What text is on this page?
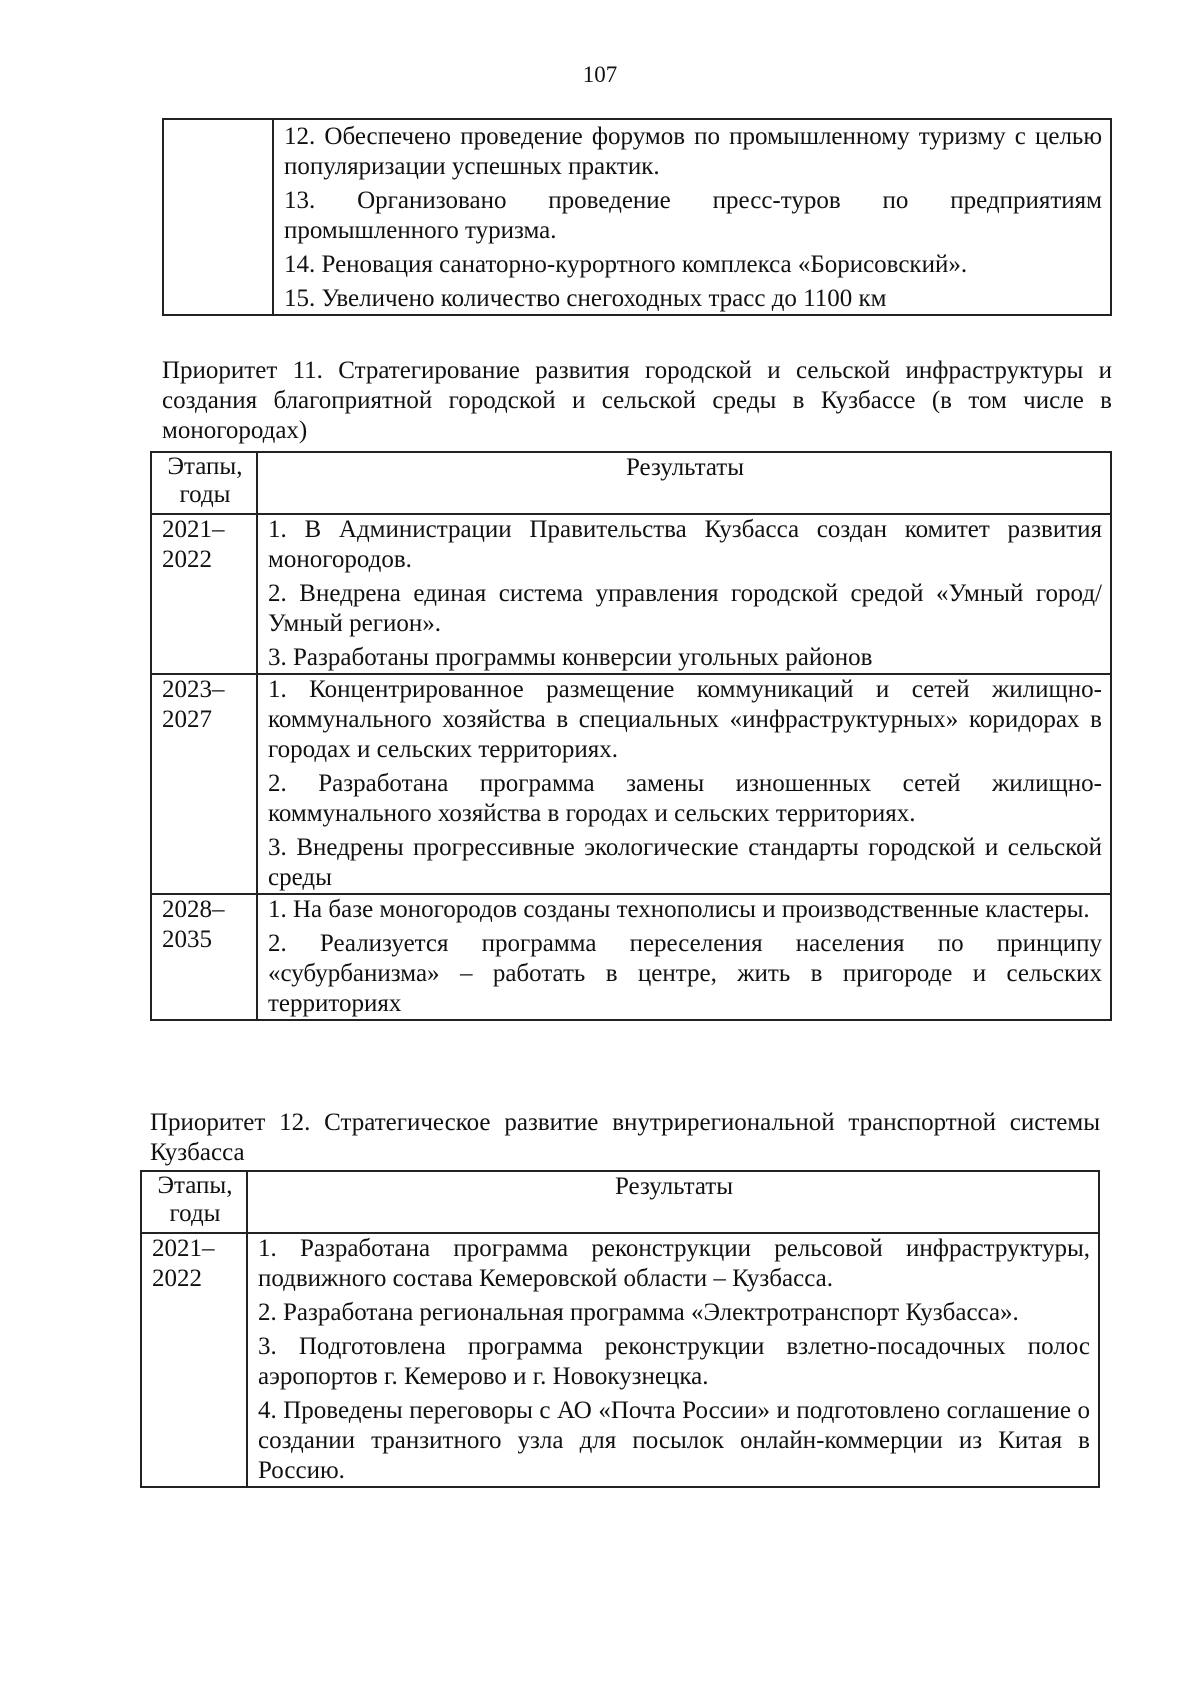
107

12. Обеспечено проведение форумов по промышленному туризму с целью популяризации успешных практик.
13. Организовано проведение пресс-туров по предприятиям промышленного туризма.
14. Реновация санаторно-курортного комплекса «Борисовский».
15. Увеличено количество снегоходных трасс до 1100 км

Приоритет 11. Стратегирование развития городской и сельской инфраструктуры и создания благоприятной городской и сельской среды в Кузбассе (в том числе в моногородах)

Этапы, годы	Результаты
2021–2022	1. В Администрации Правительства Кузбасса создан комитет развития моногородов.
2. Внедрена единая система управления городской средой «Умный город/Умный регион».
3. Разработаны программы конверсии угольных районов

2023–2027	1. Концентрированное размещение коммуникаций и сетей жилищно-коммунального хозяйства в специальных «инфраструктурных» коридорах в городах и сельских территориях.
2. Разработана программа замены изношенных сетей жилищно-коммунального хозяйства в городах и сельских территориях.
3. Внедрены прогрессивные экологические стандарты городской и сельской среды

2028–2035	1. На базе моногородов созданы технополисы и производственные кластеры.
2. Реализуется программа переселения населения по принципу «субурбанизма» – работать в центре, жить в пригороде и сельских территориях

Приоритет 12. Стратегическое развитие внутрирегиональной транспортной системы Кузбасса

Этапы, годы	Результаты
2021–2022	1. Разработана программа реконструкции рельсовой инфраструктуры, подвижного состава Кемеровской области – Кузбасса.
2. Разработана региональная программа «Электротранспорт Кузбасса».
3. Подготовлена программа реконструкции взлетно-посадочных полос аэропортов г. Кемерово и г. Новокузнецка.
4. Проведены переговоры с АО «Почта России» и подготовлено соглашение о создании транзитного узла для посылок онлайн-коммерции из Китая в Россию.
